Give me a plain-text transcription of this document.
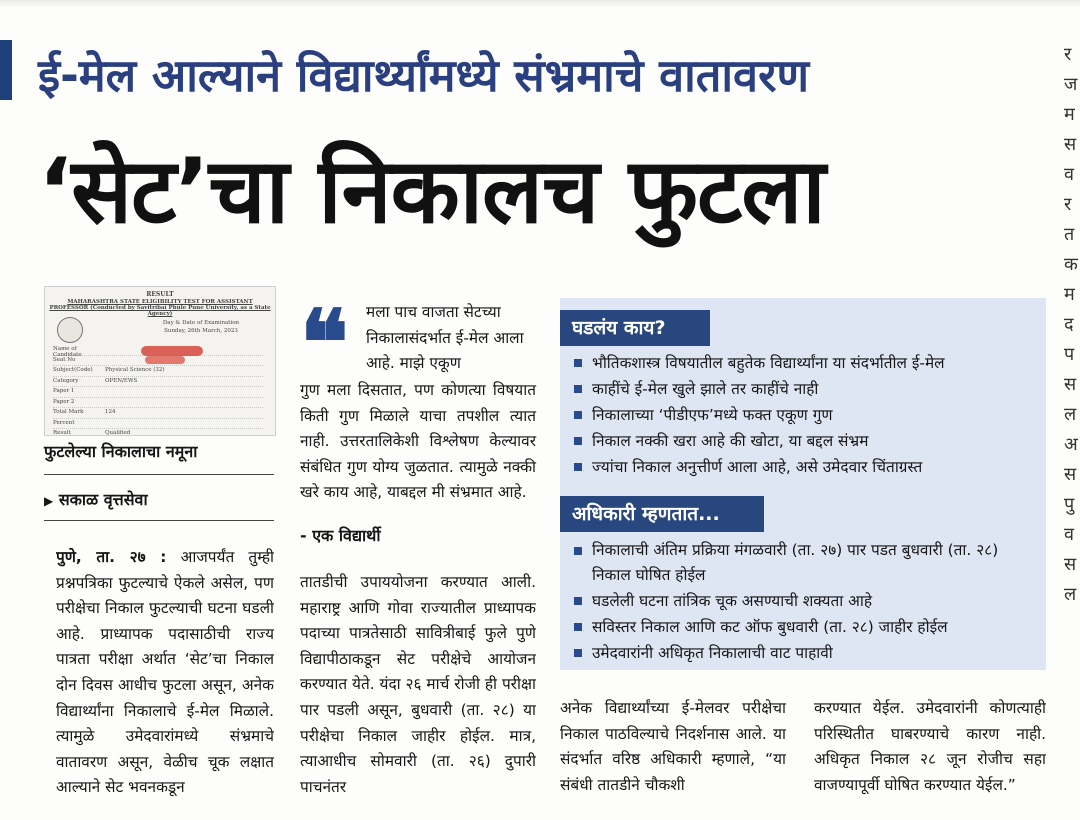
ई-मेल आल्याने विद्यार्थ्यांमध्ये संभ्रमाचे वातावरण
‘सेट’चा निकालच फुटला
र
ज
म
स
व
र
त
क
म
द
प
स
ल
अ
स
पु
व
स
ल
RESULT
MAHARASHTRA STATE ELIGIBILITY TEST FOR ASSISTANT PROFESSOR (Conducted by Savitribai Phule Pune University, as a State Agency)
Day & Date of Examination
Sunday, 26th March, 2023
Name of Candidate
Seat No
Subject(Code)	Physical Science (32)
Category	OPEN/EWS
Paper 1
Paper 2
Total Mark	124
Percent
Result	Qualified
फुटलेल्या निकालाचा नमूना
▶ सकाळ वृत्तसेवा
पुणे, ता. २७ : आजपर्यंत तुम्ही प्रश्नपत्रिका फुटल्याचे ऐकले असेल, पण परीक्षेचा निकाल फुटल्याची घटना घडली आहे. प्राध्यापक पदासाठीची राज्य पात्रता परीक्षा अर्थात ‘सेट’चा निकाल दोन दिवस आधीच फुटला असून, अनेक विद्यार्थ्यांना निकालाचे ई-मेल मिळाले. त्यामुळे उमेदवारांमध्ये संभ्रमाचे वातावरण असून, वेळीच चूक लक्षात आल्याने सेट भवनकडून
❝	मला पाच वाजता सेटच्या निकालासंदर्भात ई-मेल आला आहे. माझे एकूण
गुण मला दिसतात, पण कोणत्या विषयात किती गुण मिळाले याचा तपशील त्यात नाही. उत्तरतालिकेशी विश्लेषण केल्यावर संबंधित गुण योग्य जुळतात. त्यामुळे नक्की खरे काय आहे, याबद्दल मी संभ्रमात आहे.
- एक विद्यार्थी
तातडीची उपाययोजना करण्यात आली. महाराष्ट्र आणि गोवा राज्यातील प्राध्यापक पदाच्या पात्रतेसाठी सावित्रीबाई फुले पुणे विद्यापीठाकडून सेट परीक्षेचे आयोजन करण्यात येते. यंदा २६ मार्च रोजी ही परीक्षा पार पडली असून, बुधवारी (ता. २८) या परीक्षेचा निकाल जाहीर होईल. मात्र, त्याआधीच सोमवारी (ता. २६) दुपारी पाचनंतर
घडलंय काय?
भौतिकशास्त्र विषयातील बहुतेक विद्यार्थ्यांना या संदर्भातील ई-मेल
काहींचे ई-मेल खुले झाले तर काहींचे नाही
निकालाच्या ‘पीडीएफ’मध्ये फक्त एकूण गुण
निकाल नक्की खरा आहे की खोटा, या बद्दल संभ्रम
ज्यांचा निकाल अनुत्तीर्ण आला आहे, असे उमेदवार चिंताग्रस्त
अधिकारी म्हणतात...
निकालाची अंतिम प्रक्रिया मंगळवारी (ता. २७) पार पडत बुधवारी (ता. २८) निकाल घोषित होईल
घडलेली घटना तांत्रिक चूक असण्याची शक्यता आहे
सविस्तर निकाल आणि कट ऑफ बुधवारी (ता. २८) जाहीर होईल
उमेदवारांनी अधिकृत निकालाची वाट पाहावी
अनेक विद्यार्थ्यांच्या ई-मेलवर परीक्षेचा निकाल पाठविल्याचे निदर्शनास आले. या संदर्भात वरिष्ठ अधिकारी म्हणाले, “या संबंधी तातडीने चौकशी
करण्यात येईल. उमेदवारांनी कोणत्याही परिस्थितीत घाबरण्याचे कारण नाही. अधिकृत निकाल २८ जून रोजीच सहा वाजण्यापूर्वी घोषित करण्यात येईल.”
